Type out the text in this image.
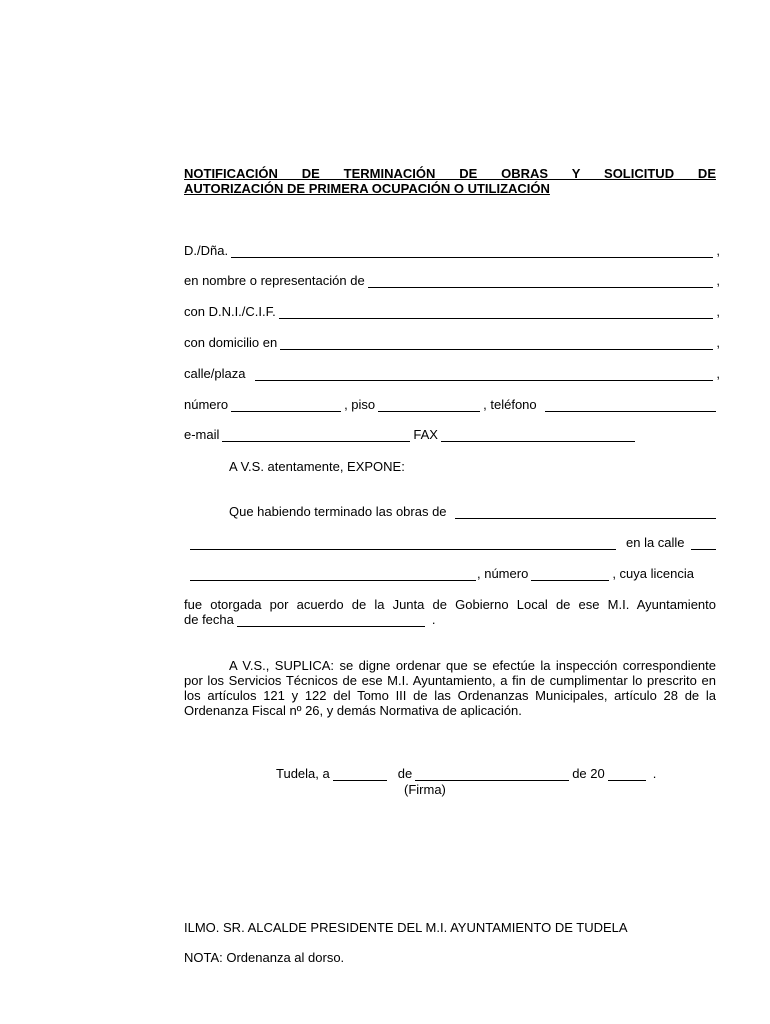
NOTIFICACIÓN DE TERMINACIÓN DE OBRAS Y SOLICITUD DE
AUTORIZACIÓN DE PRIMERA OCUPACIÓN O UTILIZACIÓN
D./Dña.	,
en nombre o representación de	,
con D.N.I./C.I.F.	,
con domicilio en	,
calle/plaza	,
número	, piso	, teléfono
e-mail	FAX
A V.S. atentamente, EXPONE:
Que habiendo terminado las obras de
en la calle
, número	, cuya licencia
fue otorgada por acuerdo de la Junta de Gobierno Local de ese M.I. Ayuntamiento
de fecha	.
A V.S., SUPLICA: se digne ordenar que se efectúe la inspección correspondiente por los Servicios Técnicos de ese M.I. Ayuntamiento, a fin de cumplimentar lo prescrito en los artículos 121 y 122 del Tomo III de las Ordenanzas Municipales, artículo 28 de la Ordenanza Fiscal nº 26, y demás Normativa de aplicación.
Tudela, a	de	de 20	.
(Firma)
ILMO. SR. ALCALDE PRESIDENTE DEL M.I. AYUNTAMIENTO DE TUDELA
NOTA: Ordenanza al dorso.
